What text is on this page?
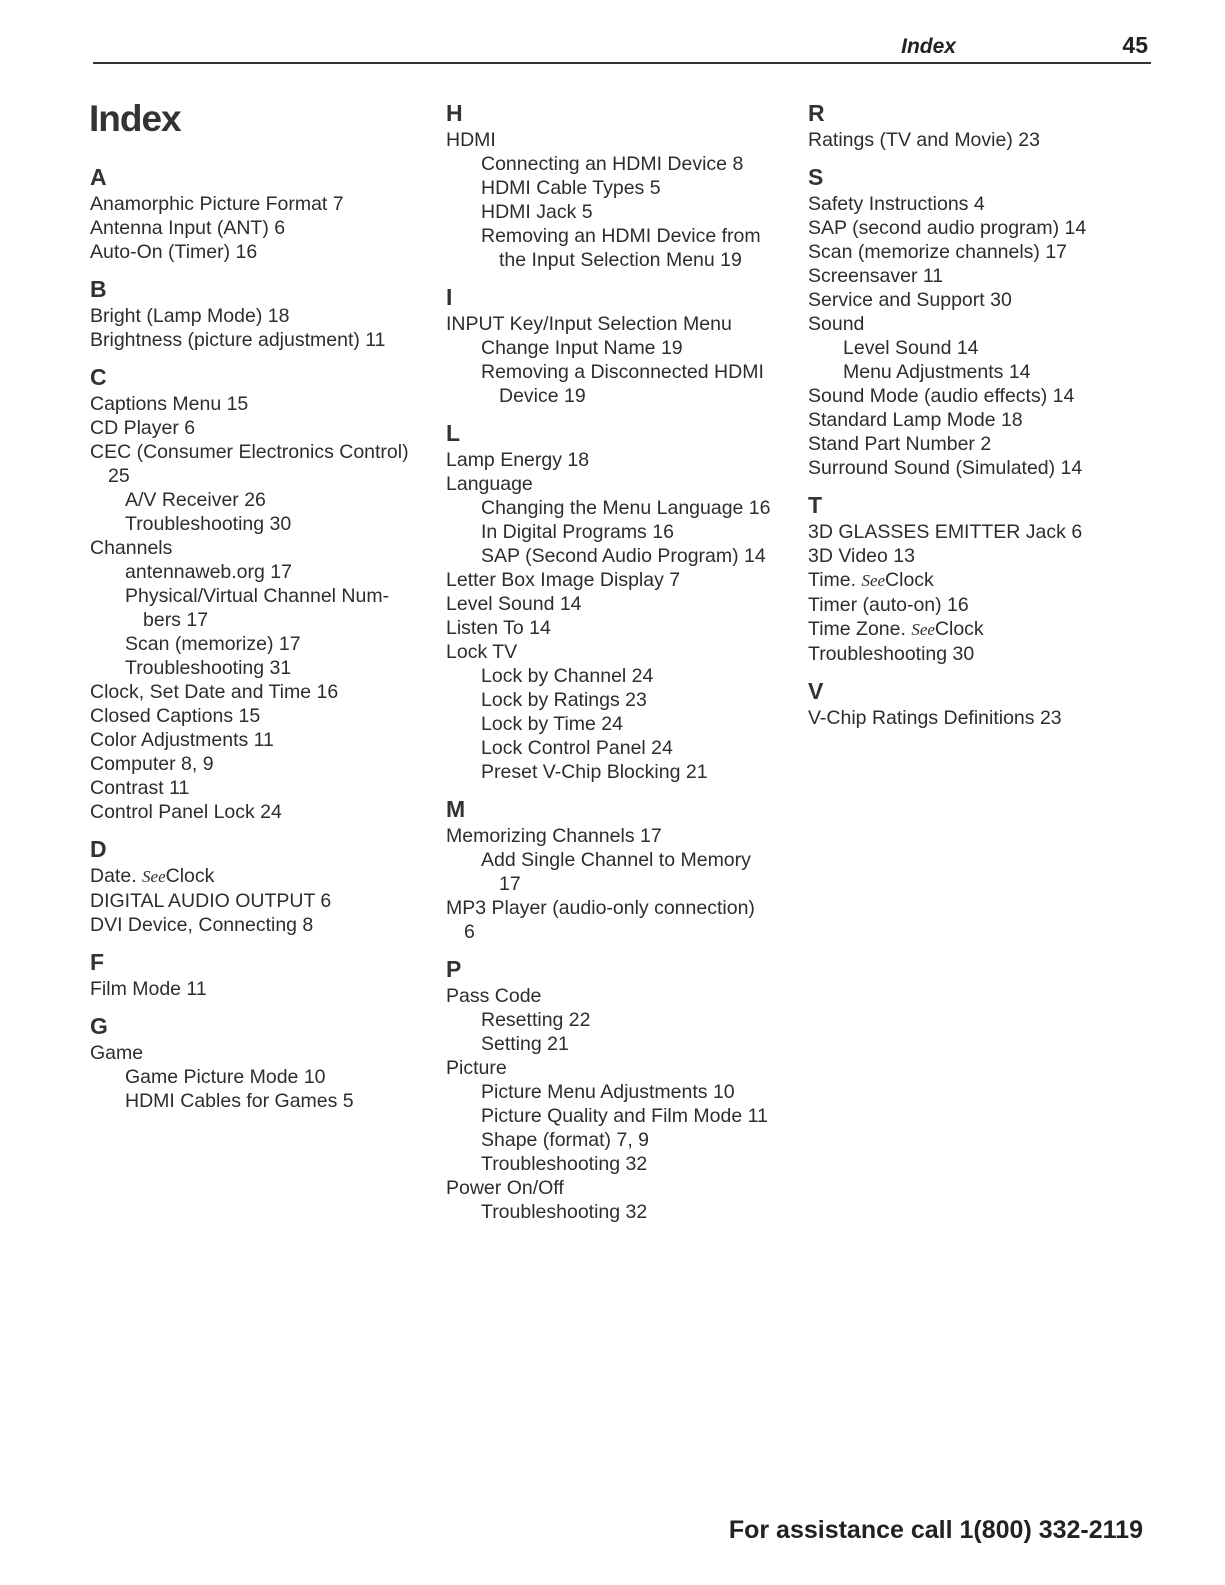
Index	45
Index
A
Anamorphic Picture Format 7
Antenna Input (ANT) 6
Auto-On (Timer) 16
B
Bright (Lamp Mode) 18
Brightness (picture adjustment) 11
C
Captions Menu 15
CD Player 6
CEC (Consumer Electronics Control)
25
A/V Receiver 26
Troubleshooting 30
Channels
antennaweb.org 17
Physical/Virtual Channel Num-
bers 17
Scan (memorize) 17
Troubleshooting 31
Clock, Set Date and Time 16
Closed Captions 15
Color Adjustments 11
Computer 8, 9
Contrast 11
Control Panel Lock 24
D
Date. SeeClock
DIGITAL AUDIO OUTPUT 6
DVI Device, Connecting 8
F
Film Mode 11
G
Game
Game Picture Mode 10
HDMI Cables for Games 5
H
HDMI
Connecting an HDMI Device 8
HDMI Cable Types 5
HDMI Jack 5
Removing an HDMI Device from
the Input Selection Menu 19
I
INPUT Key/Input Selection Menu
Change Input Name 19
Removing a Disconnected HDMI
Device 19
L
Lamp Energy 18
Language
Changing the Menu Language 16
In Digital Programs 16
SAP (Second Audio Program) 14
Letter Box Image Display 7
Level Sound 14
Listen To 14
Lock TV
Lock by Channel 24
Lock by Ratings 23
Lock by Time 24
Lock Control Panel 24
Preset V-Chip Blocking 21
M
Memorizing Channels 17
Add Single Channel to Memory
17
MP3 Player (audio-only connection)
6
P
Pass Code
Resetting 22
Setting 21
Picture
Picture Menu Adjustments 10
Picture Quality and Film Mode 11
Shape (format) 7, 9
Troubleshooting 32
Power On/Off
Troubleshooting 32
R
Ratings (TV and Movie) 23
S
Safety Instructions 4
SAP (second audio program) 14
Scan (memorize channels) 17
Screensaver 11
Service and Support 30
Sound
Level Sound 14
Menu Adjustments 14
Sound Mode (audio effects) 14
Standard Lamp Mode 18
Stand Part Number 2
Surround Sound (Simulated) 14
T
3D GLASSES EMITTER Jack 6
3D Video 13
Time. SeeClock
Timer (auto-on) 16
Time Zone. SeeClock
Troubleshooting 30
V
V-Chip Ratings Definitions 23
For assistance call 1(800) 332-2119
